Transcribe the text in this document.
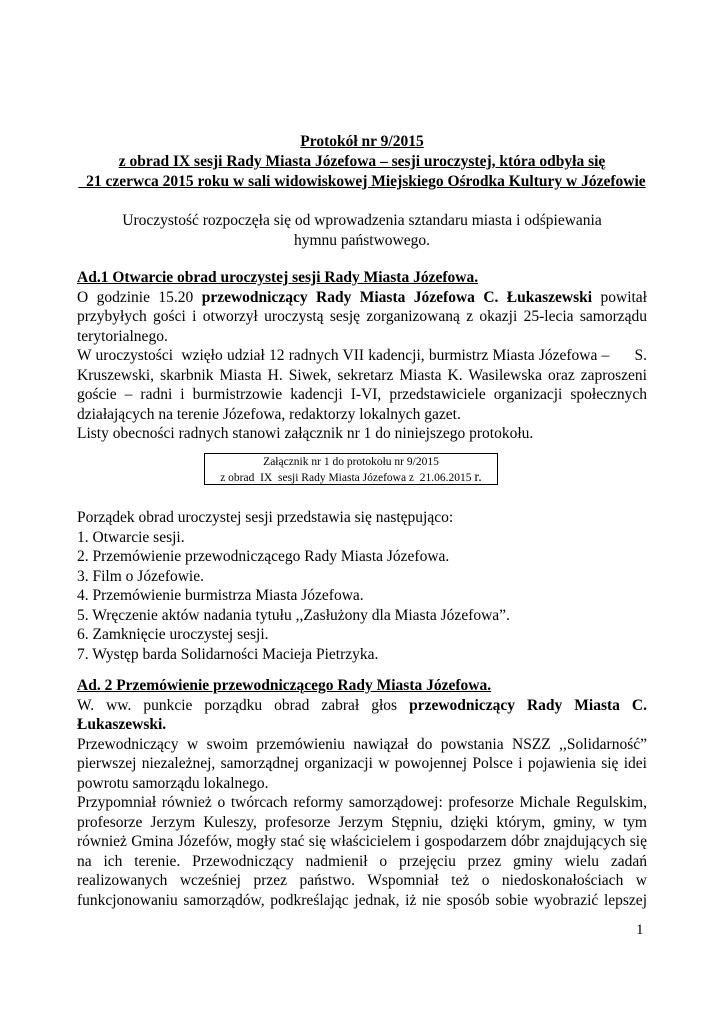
Protokół nr 9/2015
z obrad IX sesji Rady Miasta Józefowa – sesji uroczystej, która odbyła się
21 czerwca 2015 roku w sali widowiskowej Miejskiego Ośrodka Kultury w Józefowie
Uroczystość rozpoczęła się od wprowadzenia sztandaru miasta i odśpiewania
hymnu państwowego.
Ad.1 Otwarcie obrad uroczystej sesji Rady Miasta Józefowa.
O godzinie 15.20 przewodniczący Rady Miasta Józefowa C. Łukaszewski powitał
przybyłych gości i otworzył uroczystą sesję zorganizowaną z okazji 25-lecia samorządu
terytorialnego.
W uroczystości  wzięło udział 12 radnych VII kadencji, burmistrz Miasta Józefowa –      S.
Kruszewski, skarbnik Miasta H. Siwek, sekretarz Miasta K. Wasilewska oraz zaproszeni
goście – radni i burmistrzowie kadencji I-VI, przedstawiciele organizacji społecznych
działających na terenie Józefowa, redaktorzy lokalnych gazet.
Listy obecności radnych stanowi załącznik nr 1 do niniejszego protokołu.
Załącznik nr 1 do protokołu nr 9/2015
z obrad  IX  sesji Rady Miasta Józefowa z  21.06.2015 r.
Porządek obrad uroczystej sesji przedstawia się następująco:
1. Otwarcie sesji.
2. Przemówienie przewodniczącego Rady Miasta Józefowa.
3. Film o Józefowie.
4. Przemówienie burmistrza Miasta Józefowa.
5. Wręczenie aktów nadania tytułu ,,Zasłużony dla Miasta Józefowa”.
6. Zamknięcie uroczystej sesji.
7. Występ barda Solidarności Macieja Pietrzyka.
Ad. 2 Przemówienie przewodniczącego Rady Miasta Józefowa.
W. ww. punkcie porządku obrad zabrał głos przewodniczący Rady Miasta C.
Łukaszewski.
Przewodniczący w swoim przemówieniu nawiązał do powstania NSZZ ,,Solidarność”
pierwszej niezależnej, samorządnej organizacji w powojennej Polsce i pojawienia się idei
powrotu samorządu lokalnego.
Przypomniał również o twórcach reformy samorządowej: profesorze Michale Regulskim,
profesorze Jerzym Kuleszy, profesorze Jerzym Stępniu, dzięki którym, gminy, w tym
również Gmina Józefów, mogły stać się właścicielem i gospodarzem dóbr znajdujących się
na ich terenie. Przewodniczący nadmienił o przejęciu przez gminy wielu zadań
realizowanych wcześniej przez państwo. Wspomniał też o niedoskonałościach w
funkcjonowaniu samorządów, podkreślając jednak, iż nie sposób sobie wyobrazić lepszej
1
